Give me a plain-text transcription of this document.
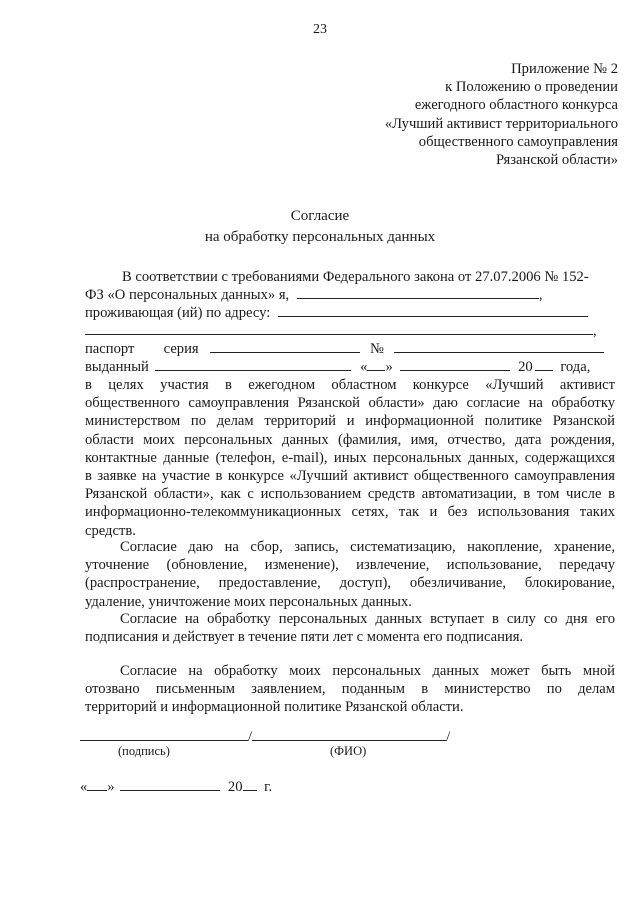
23
Приложение № 2
к Положению о проведении
ежегодного областного конкурса
«Лучший активист территориального
общественного самоуправления
Рязанской области»
Согласие
на обработку персональных данных
В соответствии с требованиями Федерального закона от 27.07.2006 № 152-
ФЗ «О персональных данных» я,	,
проживающая (ий) по адресу:
,
паспорт серия	№
выданный	« »	20 года,
в целях участия в ежегодном областном конкурсе «Лучший активист
общественного самоуправления Рязанской области» даю согласие на обработку
министерством по делам территорий и информационной политике Рязанской
области моих персональных данных (фамилия, имя, отчество, дата рождения,
контактные данные (телефон, e-mail), иных персональных данных, содержащихся
в заявке на участие в конкурсе «Лучший активист общественного самоуправления
Рязанской области», как с использованием средств автоматизации, в том числе в
информационно-телекоммуникационных сетях, так и без использования таких
средств.
Согласие даю на сбор, запись, систематизацию, накопление, хранение,
уточнение (обновление, изменение), извлечение, использование, передачу
(распространение, предоставление, доступ), обезличивание, блокирование,
удаление, уничтожение моих персональных данных.
Согласие на обработку персональных данных вступает в силу со дня его
подписания и действует в течение пяти лет с момента его подписания.
Согласие на обработку моих персональных данных может быть мной
отозвано письменным заявлением, поданным в министерство по делам
территорий и информационной политике Рязанской области.
/	/
(подпись)	(ФИО)
« »	20 г.
